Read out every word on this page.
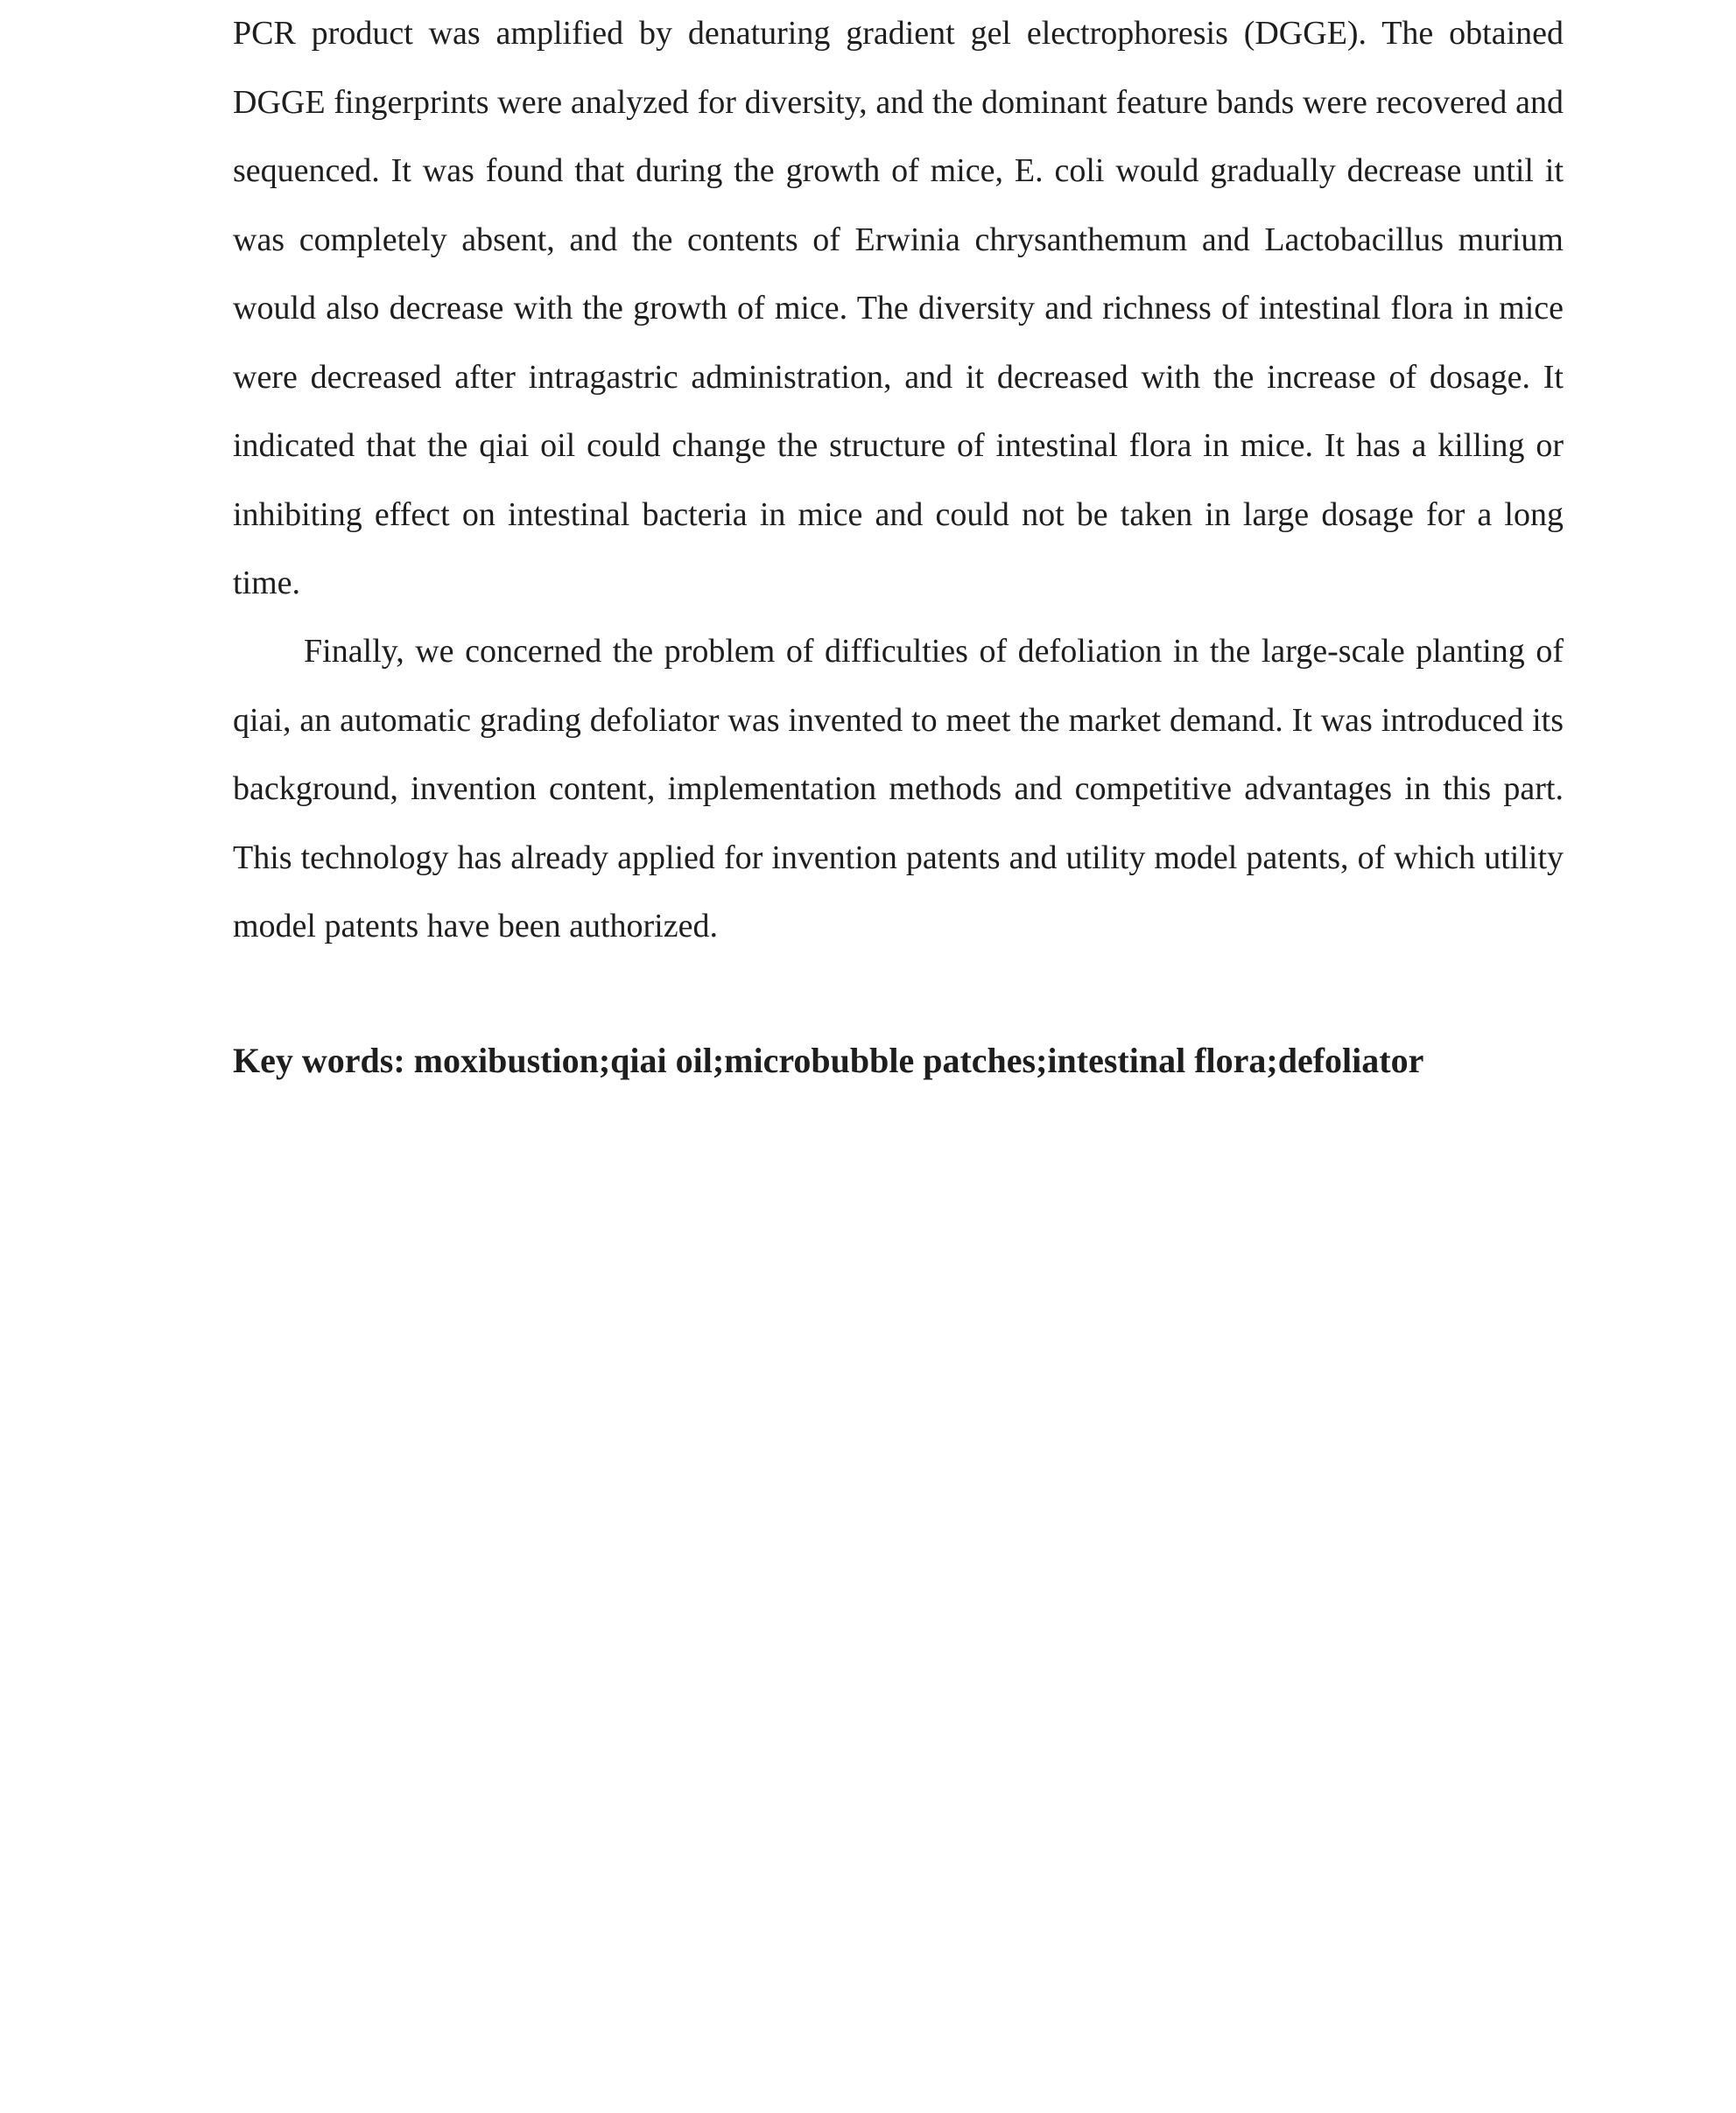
PCR product was amplified by denaturing gradient gel electrophoresis (DGGE). The obtained DGGE fingerprints were analyzed for diversity, and the dominant feature bands were recovered and sequenced. It was found that during the growth of mice, E. coli would gradually decrease until it was completely absent, and the contents of Erwinia chrysanthemum and Lactobacillus murium would also decrease with the growth of mice. The diversity and richness of intestinal flora in mice were decreased after intragastric administration, and it decreased with the increase of dosage. It indicated that the qiai oil could change the structure of intestinal flora in mice. It has a killing or inhibiting effect on intestinal bacteria in mice and could not be taken in large dosage for a long time.

Finally, we concerned the problem of difficulties of defoliation in the large-scale planting of qiai, an automatic grading defoliator was invented to meet the market demand. It was introduced its background, invention content, implementation methods and competitive advantages in this part. This technology has already applied for invention patents and utility model patents, of which utility model patents have been authorized.

Key words: moxibustion;qiai oil;microbubble patches;intestinal flora;defoliator
